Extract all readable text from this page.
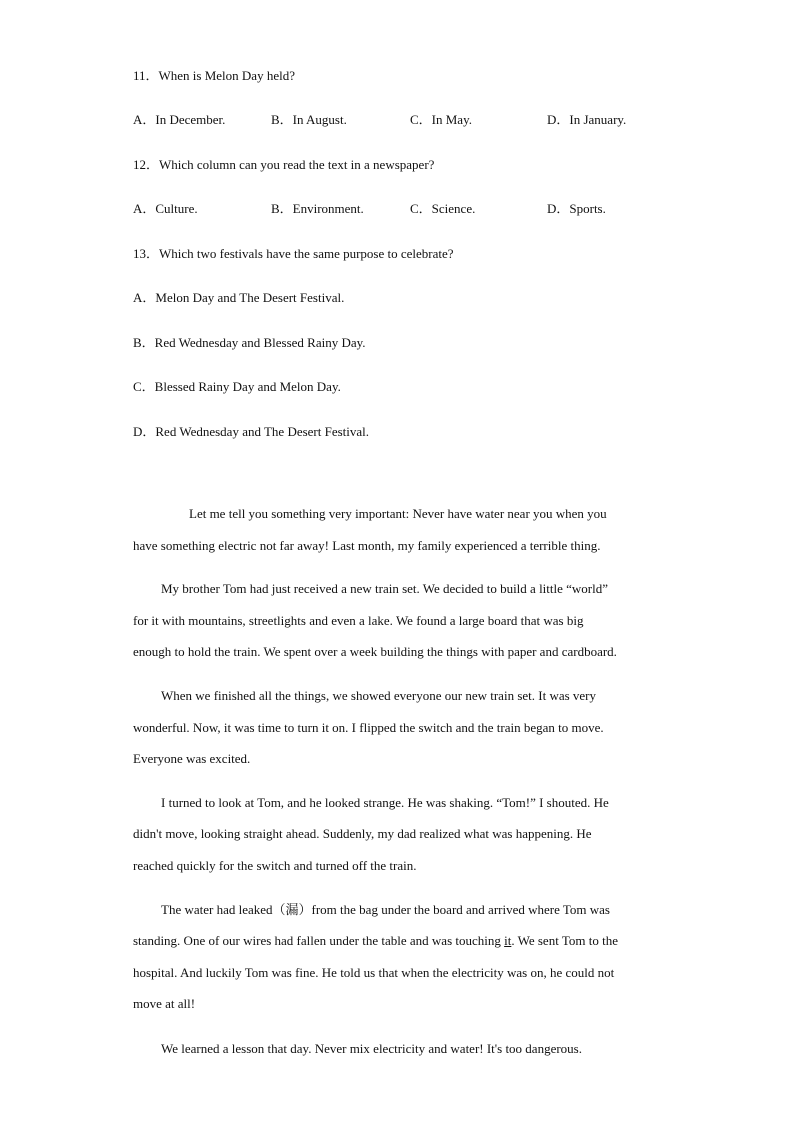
11．When is Melon Day held?
A．In December.	B．In August.	C．In May.	D．In January.
12．Which column can you read the text in a newspaper?
A．Culture.	B．Environment.	C．Science.	D．Sports.
13．Which two festivals have the same purpose to celebrate?
A．Melon Day and The Desert Festival.
B．Red Wednesday and Blessed Rainy Day.
C．Blessed Rainy Day and Melon Day.
D．Red Wednesday and The Desert Festival.
Let me tell you something very important: Never have water near you when you
have something electric not far away! Last month, my family experienced a terrible thing.
My brother Tom had just received a new train set. We decided to build a little “world”
for it with mountains, streetlights and even a lake. We found a large board that was big
enough to hold the train. We spent over a week building the things with paper and cardboard.
When we finished all the things, we showed everyone our new train set. It was very
wonderful. Now, it was time to turn it on. I flipped the switch and the train began to move.
Everyone was excited.
I turned to look at Tom, and he looked strange. He was shaking. “Tom!” I shouted. He
didn't move, looking straight ahead. Suddenly, my dad realized what was happening. He
reached quickly for the switch and turned off the train.
The water had leaked（漏）from the bag under the board and arrived where Tom was
standing. One of our wires had fallen under the table and was touching it. We sent Tom to the
hospital. And luckily Tom was fine. He told us that when the electricity was on, he could not
move at all!
We learned a lesson that day. Never mix electricity and water! It's too dangerous.
